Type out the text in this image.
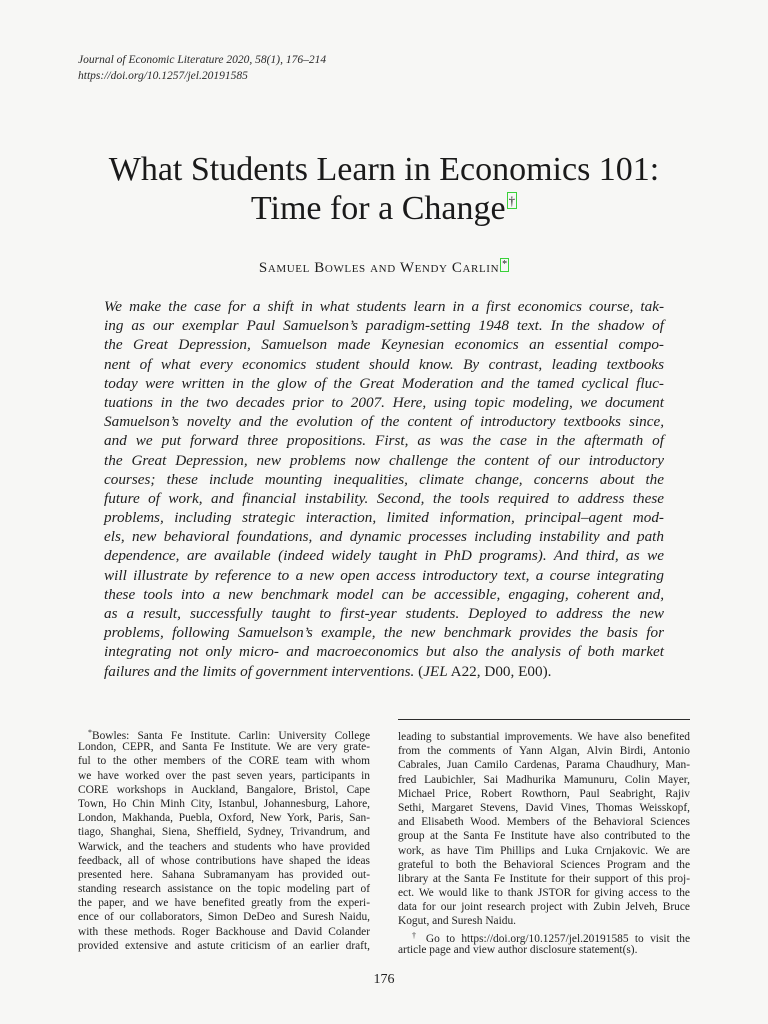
Journal of Economic Literature 2020, 58(1), 176–214
https://doi.org/10.1257/jel.20191585
What Students Learn in Economics 101:
Time for a Change †
Samuel Bowles and Wendy Carlin *
We make the case for a shift in what students learn in a first economics course, tak-
ing as our exemplar Paul Samuelson’s paradigm-setting 1948 text. In the shadow of
the Great Depression, Samuelson made Keynesian economics an essential compo-
nent of what every economics student should know. By contrast, leading textbooks
today were written in the glow of the Great Moderation and the tamed cyclical fluc-
tuations in the two decades prior to 2007. Here, using topic modeling, we document
Samuelson’s novelty and the evolution of the content of introductory textbooks since,
and we put forward three propositions. First, as was the case in the aftermath of
the Great Depression, new problems now challenge the content of our introductory
courses; these include mounting inequalities, climate change, concerns about the
future of work, and financial instability. Second, the tools required to address these
problems, including strategic interaction, limited information, principal–agent mod-
els, new behavioral foundations, and dynamic processes including instability and path
dependence, are available (indeed widely taught in PhD programs). And third, as we
will illustrate by reference to a new open access introductory text, a course integrating
these tools into a new benchmark model can be accessible, engaging, coherent and,
as a result, successfully taught to first-year students. Deployed to address the new
problems, following Samuelson’s example, the new benchmark provides the basis for
integrating not only micro- and macroeconomics but also the analysis of both market
failures and the limits of government interventions. (JEL A22, D00, E00).
*Bowles: Santa Fe Institute. Carlin: University College
London, CEPR, and Santa Fe Institute. We are very grate-
ful to the other members of the CORE team with whom
we have worked over the past seven years, participants in
CORE workshops in Auckland, Bangalore, Bristol, Cape
Town, Ho Chin Minh City, Istanbul, Johannesburg, Lahore,
London, Makhanda, Puebla, Oxford, New York, Paris, San-
tiago, Shanghai, Siena, Sheffield, Sydney, Trivandrum, and
Warwick, and the teachers and students who have provided
feedback, all of whose contributions have shaped the ideas
presented here. Sahana Subramanyam has provided out-
standing research assistance on the topic modeling part of
the paper, and we have benefited greatly from the experi-
ence of our collaborators, Simon DeDeo and Suresh Naidu,
with these methods. Roger Backhouse and David Colander
provided extensive and astute criticism of an earlier draft,
leading to substantial improvements. We have also benefited
from the comments of Yann Algan, Alvin Birdi, Antonio
Cabrales, Juan Camilo Cardenas, Parama Chaudhury, Man-
fred Laubichler, Sai Madhurika Mamunuru, Colin Mayer,
Michael Price, Robert Rowthorn, Paul Seabright, Rajiv
Sethi, Margaret Stevens, David Vines, Thomas Weisskopf,
and Elisabeth Wood. Members of the Behavioral Sciences
group at the Santa Fe Institute have also contributed to the
work, as have Tim Phillips and Luka Crnjakovic. We are
grateful to both the Behavioral Sciences Program and the
library at the Santa Fe Institute for their support of this proj-
ect. We would like to thank JSTOR for giving access to the
data for our joint research project with Zubin Jelveh, Bruce
Kogut, and Suresh Naidu.
† Go to https://doi.org/10.1257/jel.20191585 to visit the
article page and view author disclosure statement(s).
176
